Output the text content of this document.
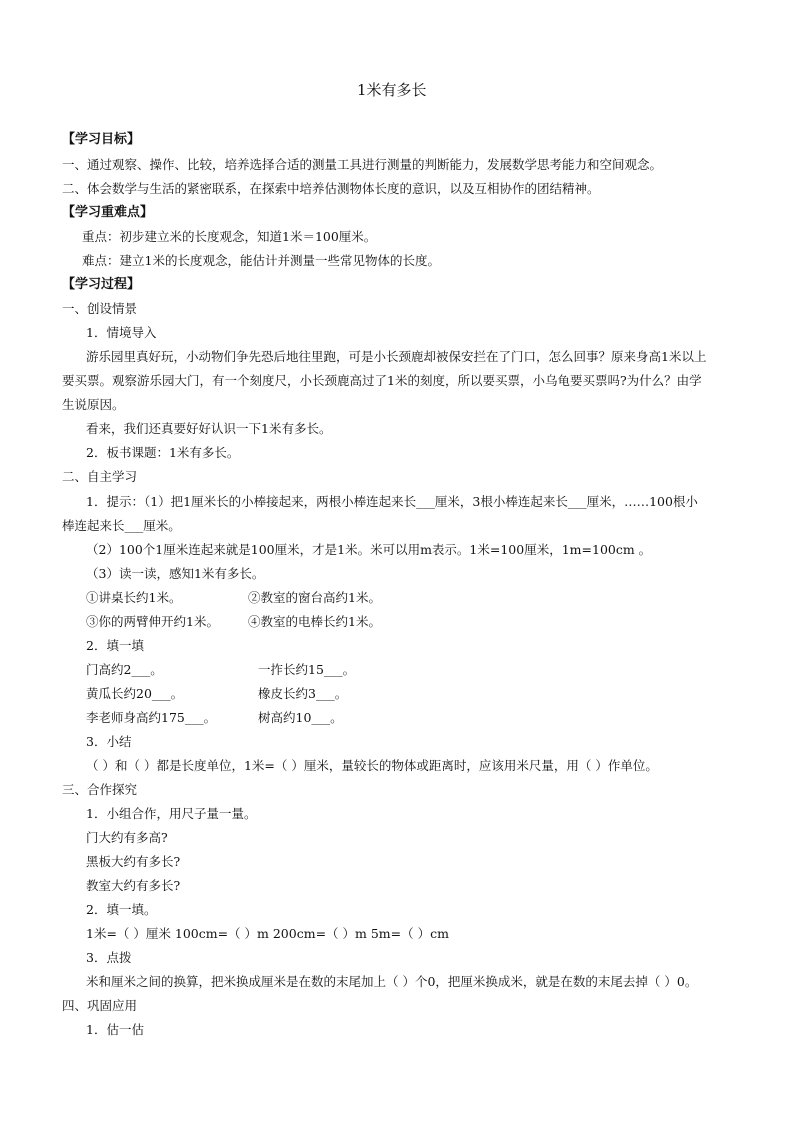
1米有多长
【学习目标】
一、通过观察、操作、比较，培养选择合适的测量工具进行测量的判断能力，发展数学思考能力和空间观念。
二、体会数学与生活的紧密联系，在探索中培养估测物体长度的意识，以及互相协作的团结精神。
【学习重难点】
重点：初步建立米的长度观念，知道1米＝100厘米。
难点：建立1米的长度观念，能估计并测量一些常见物体的长度。
【学习过程】
一、创设情景
1．情境导入
游乐园里真好玩，小动物们争先恐后地往里跑，可是小长颈鹿却被保安拦在了门口，怎么回事？原来身高1米以上
要买票。观察游乐园大门，有一个刻度尺，小长颈鹿高过了1米的刻度，所以要买票，小乌龟要买票吗?为什么？由学
生说原因。
看来，我们还真要好好认识一下1米有多长。
2．板书课题：1米有多长。
二、自主学习
1．提示：（1）把1厘米长的小棒接起来，两根小棒连起来长___厘米，3根小棒连起来长___厘米，……100根小
棒连起来长___厘米。
（2）100个1厘米连起来就是100厘米，才是1米。米可以用m表示。1米=100厘米，1m=100cm 。
（3）读一读，感知1米有多长。
①讲桌长约1米。	②教室的窗台高约1米。
③你的两臂伸开约1米。 ④教室的电棒长约1米。
2．填一填
门高约2___。	一拃长约15___。
黄瓜长约20___。	橡皮长约3___。
李老师身高约175___。	树高约10___。
3．小结
（ ）和（ ）都是长度单位，1米=（ ）厘米，量较长的物体或距离时，应该用米尺量，用（ ）作单位。
三、合作探究
1．小组合作，用尺子量一量。
门大约有多高?
黑板大约有多长?
教室大约有多长?
2．填一填。
1米=（ ）厘米 100cm=（ ）m 200cm=（ ）m 5m=（ ）cm
3．点拨
米和厘米之间的换算，把米换成厘米是在数的末尾加上（ ）个0，把厘米换成米，就是在数的末尾去掉（ ）0。
四、巩固应用
1．估一估
